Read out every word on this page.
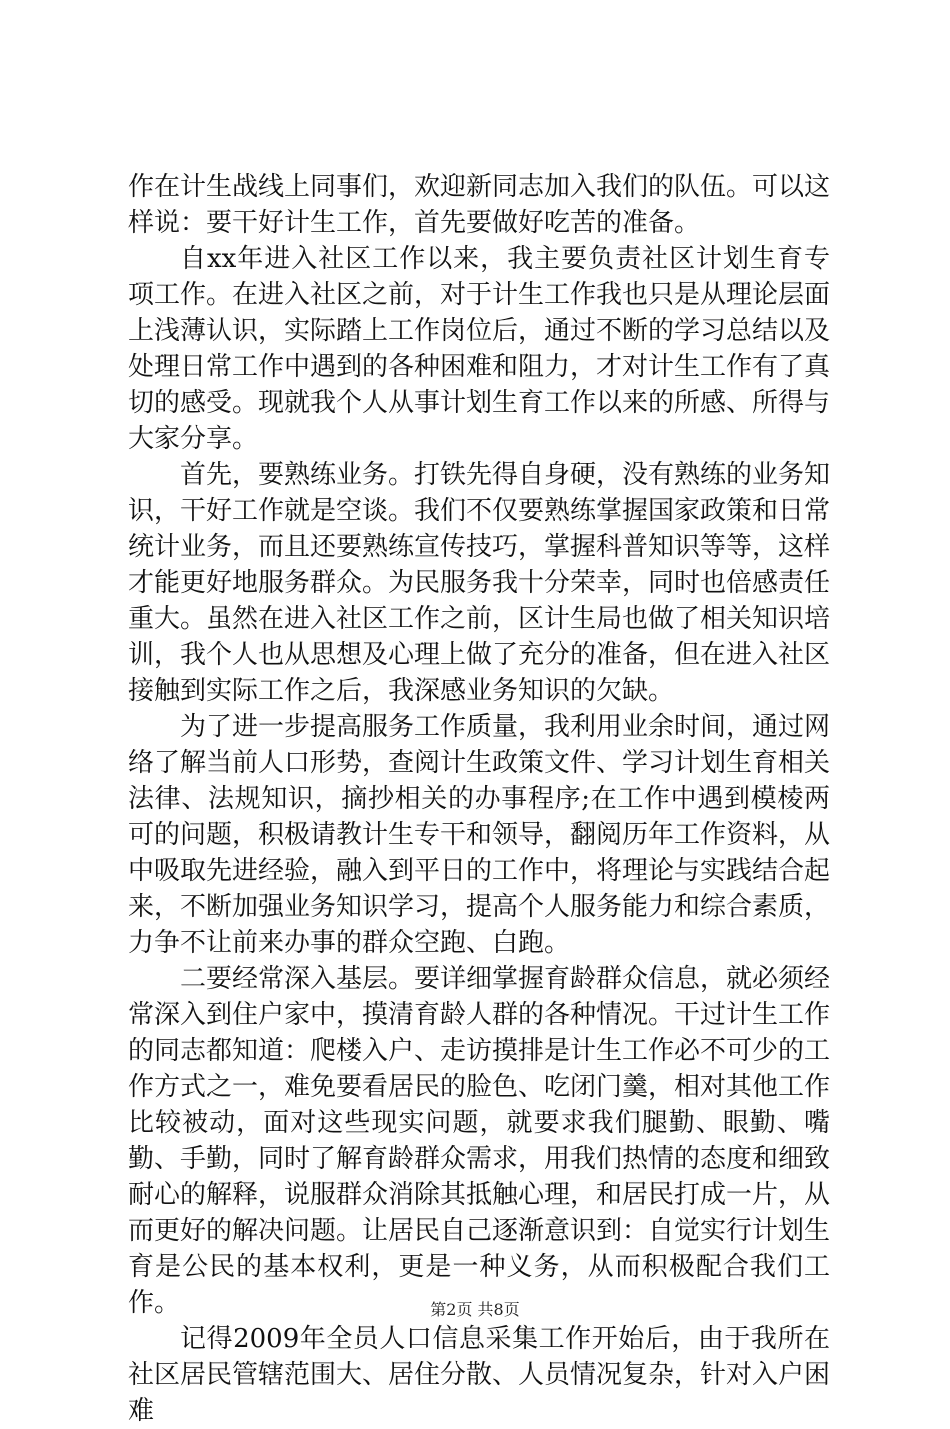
作在计生战线上同事们，欢迎新同志加入我们的队伍。可以这样说：要干好计生工作，首先要做好吃苦的准备。

自xx年进入社区工作以来，我主要负责社区计划生育专项工作。在进入社区之前，对于计生工作我也只是从理论层面上浅薄认识，实际踏上工作岗位后，通过不断的学习总结以及处理日常工作中遇到的各种困难和阻力，才对计生工作有了真切的感受。现就我个人从事计划生育工作以来的所感、所得与大家分享。

首先，要熟练业务。打铁先得自身硬，没有熟练的业务知识，干好工作就是空谈。我们不仅要熟练掌握国家政策和日常统计业务，而且还要熟练宣传技巧，掌握科普知识等等，这样才能更好地服务群众。为民服务我十分荣幸，同时也倍感责任重大。虽然在进入社区工作之前，区计生局也做了相关知识培训，我个人也从思想及心理上做了充分的准备，但在进入社区接触到实际工作之后，我深感业务知识的欠缺。

为了进一步提高服务工作质量，我利用业余时间，通过网络了解当前人口形势，查阅计生政策文件、学习计划生育相关法律、法规知识，摘抄相关的办事程序;在工作中遇到模棱两可的问题，积极请教计生专干和领导，翻阅历年工作资料，从中吸取先进经验，融入到平日的工作中，将理论与实践结合起来，不断加强业务知识学习，提高个人服务能力和综合素质，力争不让前来办事的群众空跑、白跑。

二要经常深入基层。要详细掌握育龄群众信息，就必须经常深入到住户家中，摸清育龄人群的各种情况。干过计生工作的同志都知道：爬楼入户、走访摸排是计生工作必不可少的工作方式之一，难免要看居民的脸色、吃闭门羹，相对其他工作比较被动，面对这些现实问题，就要求我们腿勤、眼勤、嘴勤、手勤，同时了解育龄群众需求，用我们热情的态度和细致耐心的解释，说服群众消除其抵触心理，和居民打成一片，从而更好的解决问题。让居民自己逐渐意识到：自觉实行计划生育是公民的基本权利，更是一种义务，从而积极配合我们工作。

记得2009年全员人口信息采集工作开始后，由于我所在社区居民管辖范围大、居住分散、人员情况复杂，针对入户困难

第2页 共8页
